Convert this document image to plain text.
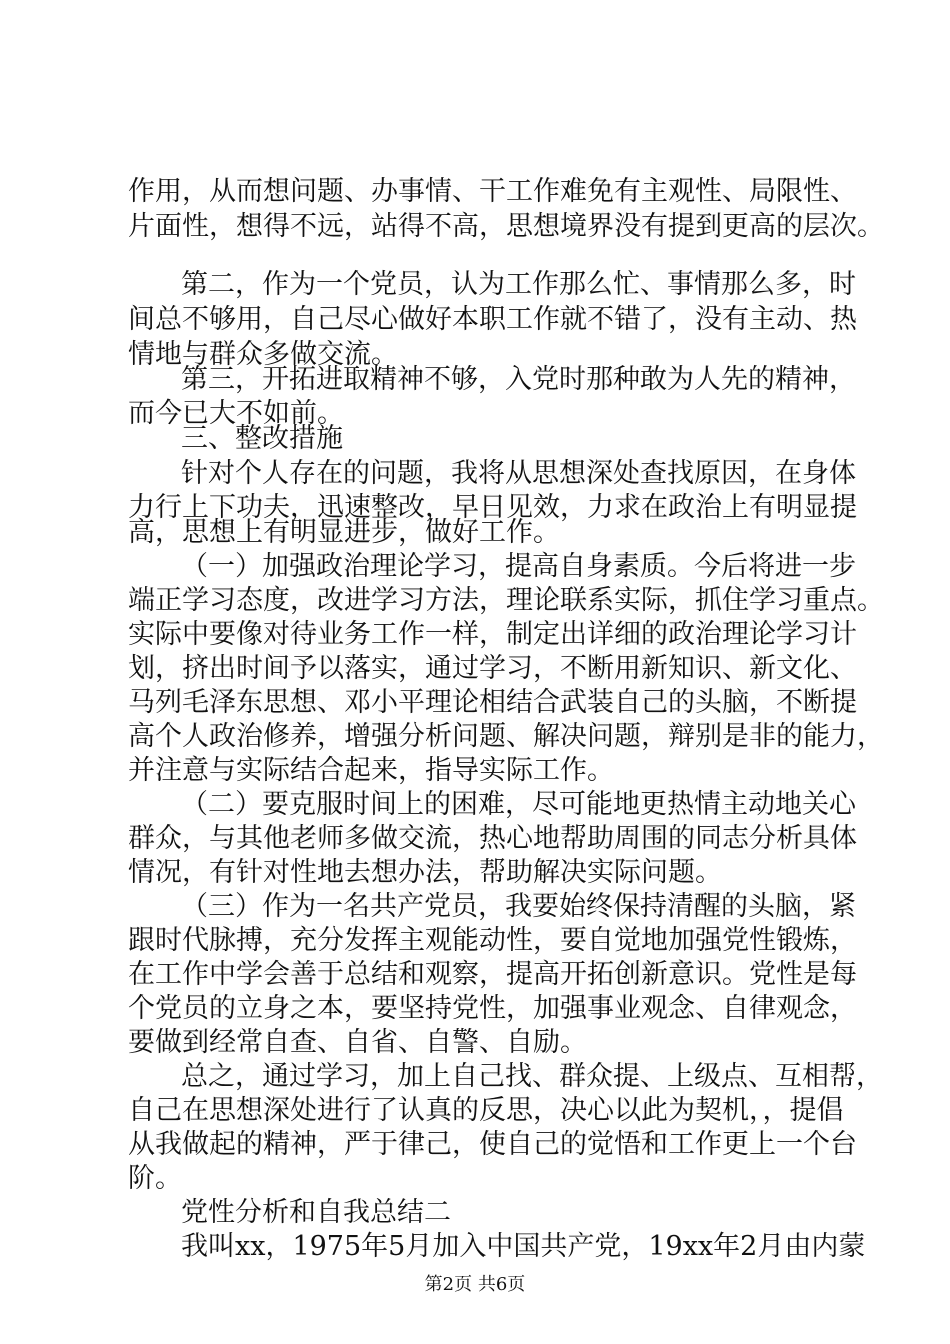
作用，从而想问题、办事情、干工作难免有主观性、局限性、
片面性，想得不远，站得不高，思想境界没有提到更高的层次。
第二，作为一个党员，认为工作那么忙、事情那么多，时
间总不够用，自己尽心做好本职工作就不错了，没有主动、热
情地与群众多做交流。
第三，开拓进取精神不够，入党时那种敢为人先的精神，
而今已大不如前。
三、整改措施
针对个人存在的问题，我将从思想深处查找原因，在身体
力行上下功夫，迅速整改，早日见效，力求在政治上有明显提
高，思想上有明显进步，做好工作。
（一）加强政治理论学习，提高自身素质。今后将进一步
端正学习态度，改进学习方法，理论联系实际，抓住学习重点。
实际中要像对待业务工作一样，制定出详细的政治理论学习计
划，挤出时间予以落实，通过学习，不断用新知识、新文化、
马列毛泽东思想、邓小平理论相结合武装自己的头脑，不断提
高个人政治修养，增强分析问题、解决问题，辩别是非的能力，
并注意与实际结合起来，指导实际工作。
（二）要克服时间上的困难，尽可能地更热情主动地关心
群众，与其他老师多做交流，热心地帮助周围的同志分析具体
情况，有针对性地去想办法，帮助解决实际问题。
（三）作为一名共产党员，我要始终保持清醒的头脑，紧
跟时代脉搏，充分发挥主观能动性，要自觉地加强党性锻炼，
在工作中学会善于总结和观察，提高开拓创新意识。党性是每
个党员的立身之本，要坚持党性，加强事业观念、自律观念，
要做到经常自查、自省、自警、自励。
总之，通过学习，加上自己找、群众提、上级点、互相帮，
自己在思想深处进行了认真的反思，决心以此为契机，，提倡
从我做起的精神，严于律己，使自己的觉悟和工作更上一个台
阶。
党性分析和自我总结二
我叫xx，1975年5月加入中国共产党，19xx年2月由内蒙
第2页 共6页
